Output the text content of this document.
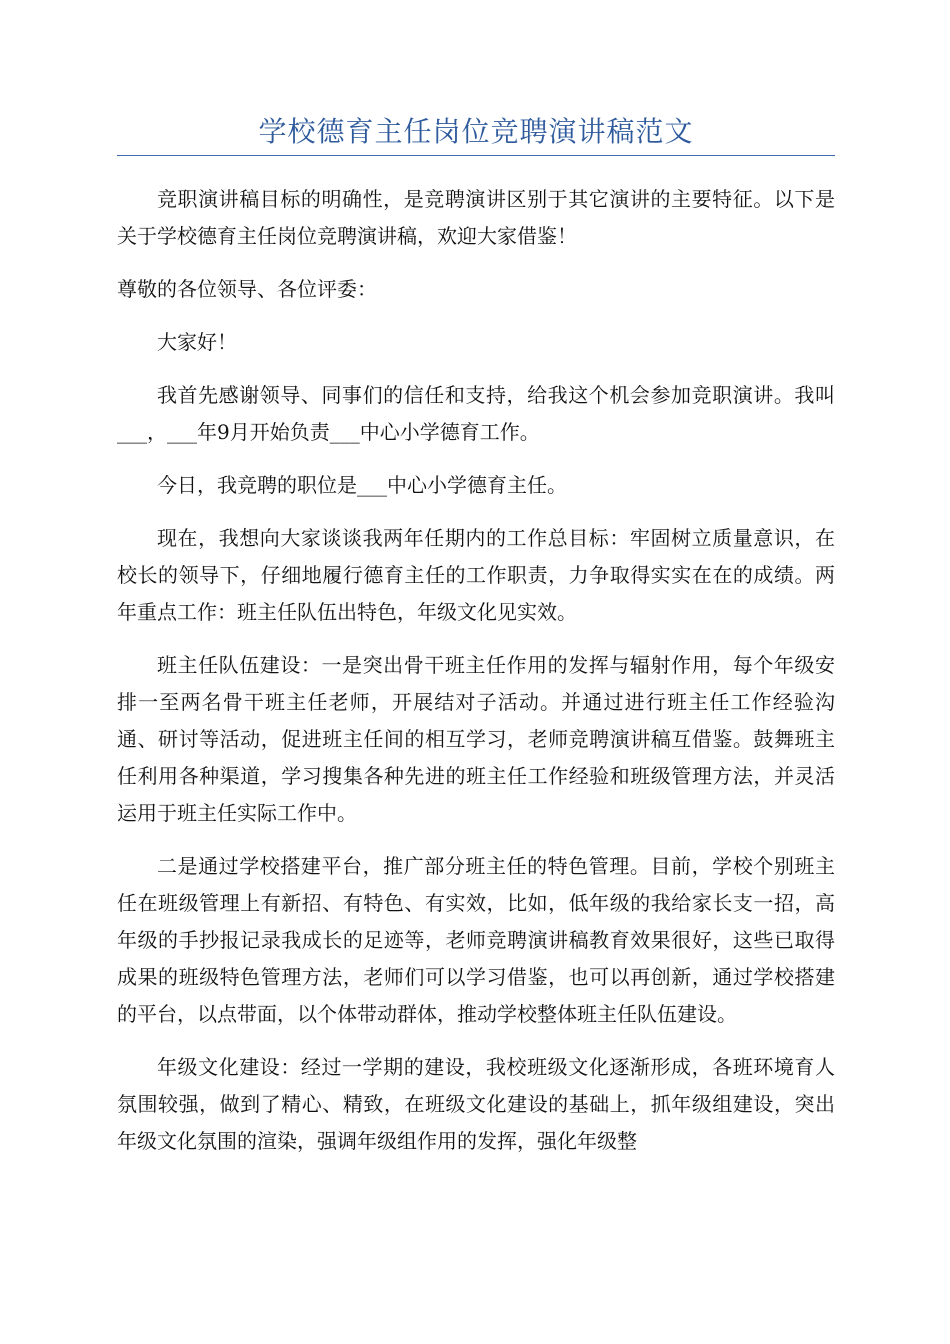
学校德育主任岗位竞聘演讲稿范文

竞职演讲稿目标的明确性，是竞聘演讲区别于其它演讲的主要特征。以下是关于学校德育主任岗位竞聘演讲稿，欢迎大家借鉴！

尊敬的各位领导、各位评委：

大家好！

我首先感谢领导、同事们的信任和支持，给我这个机会参加竞职演讲。我叫___，___年9月开始负责___中心小学德育工作。

今日，我竞聘的职位是___中心小学德育主任。

现在，我想向大家谈谈我两年任期内的工作总目标：牢固树立质量意识，在校长的领导下，仔细地履行德育主任的工作职责，力争取得实实在在的成绩。两年重点工作：班主任队伍出特色，年级文化见实效。

班主任队伍建设：一是突出骨干班主任作用的发挥与辐射作用，每个年级安排一至两名骨干班主任老师，开展结对子活动。并通过进行班主任工作经验沟通、研讨等活动，促进班主任间的相互学习，老师竞聘演讲稿互借鉴。鼓舞班主任利用各种渠道，学习搜集各种先进的班主任工作经验和班级管理方法，并灵活运用于班主任实际工作中。

二是通过学校搭建平台，推广部分班主任的特色管理。目前，学校个别班主任在班级管理上有新招、有特色、有实效，比如，低年级的我给家长支一招，高年级的手抄报记录我成长的足迹等，老师竞聘演讲稿教育效果很好，这些已取得成果的班级特色管理方法，老师们可以学习借鉴，也可以再创新，通过学校搭建的平台，以点带面，以个体带动群体，推动学校整体班主任队伍建设。

年级文化建设：经过一学期的建设，我校班级文化逐渐形成，各班环境育人氛围较强，做到了精心、精致，在班级文化建设的基础上，抓年级组建设，突出年级文化氛围的渲染，强调年级组作用的发挥，强化年级整
